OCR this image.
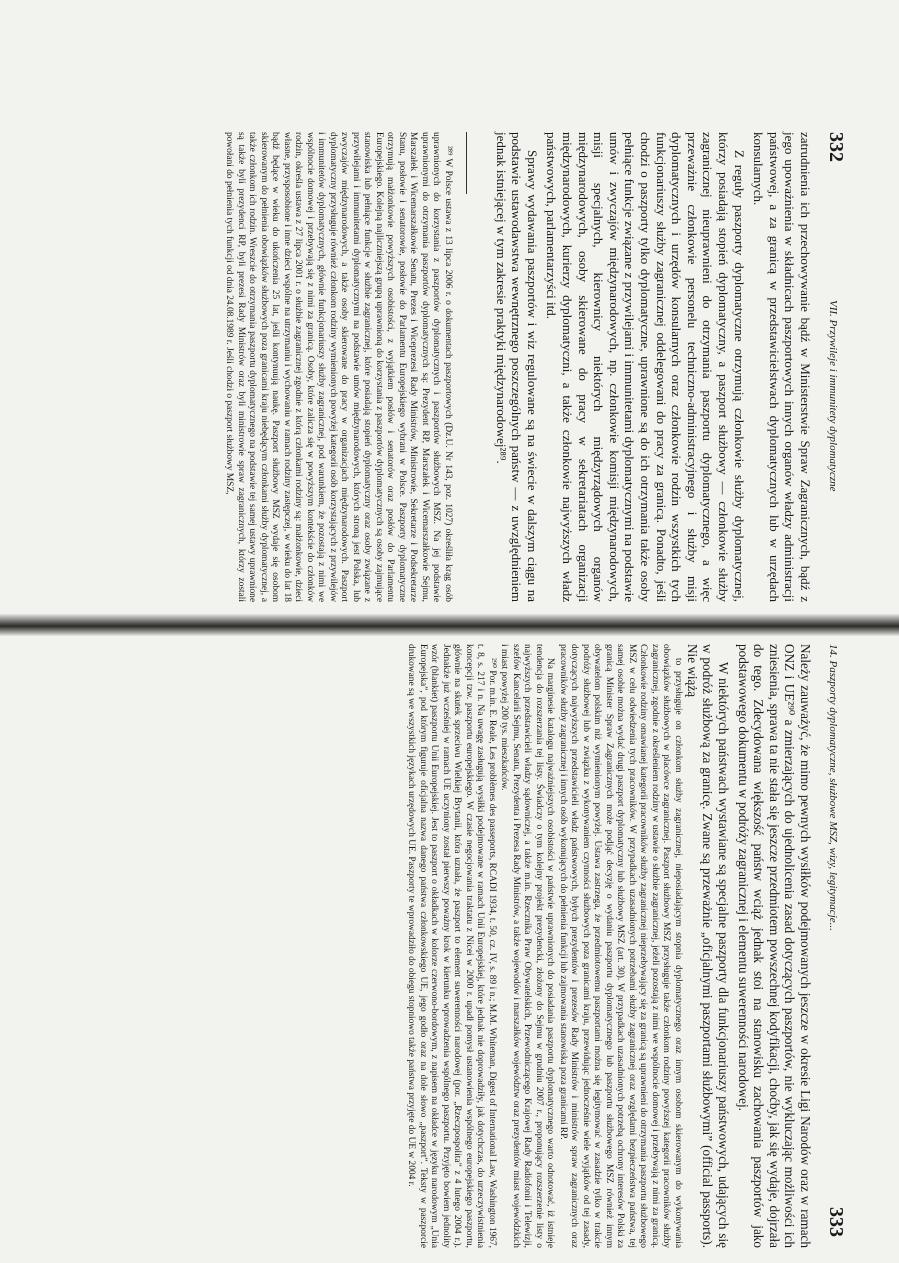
332
VII. Przywileje i immunitety dyplomatyczne

zatrudnienia ich przechowywanie bądź w Ministerstwie Spraw Zagranicznych, bądź z jego upoważnienia w składnicach paszportowych innych organów władzy administracji państwowej, a za granicą w przedstawicielstwach dyplomatycznych lub w urzędach konsularnych.

Z reguły paszporty dyplomatyczne otrzymują członkowie służby dyplomatycznej, którzy posiadają stopień dyplomatyczny, a paszport służbowy — członkowie służby zagranicznej nieuprawnieni do otrzymania paszportu dyplomatycznego, a więc przeważnie członkowie personelu techniczno-administracyjnego i służby misji dyplomatycznych i urzędów konsularnych oraz członkowie rodzin wszystkich tych funkcjonariuszy służby zagranicznej oddelegowani do pracy za granicą. Ponadto, jeśli chodzi o paszporty tylko dyplomatyczne, uprawnione są do ich otrzymania także osoby pełniące funkcje związane z przywilejami i immunitetami dyplomatycznymi na podstawie umów i zwyczajów międzynarodowych, np. członkowie komisji międzynarodowych, misji specjalnych, kierownicy niektórych międzyrządowych organów międzynarodowych, osoby skierowane do pracy w sekretariatach organizacji międzynarodowych, kurierzy dyplomatyczni, a także członkowie najwyższych władz państwowych, parlamentarzyści itd.

Sprawy wydawania paszportów i wiz regulowane są na świecie w dalszym ciągu na podstawie ustawodawstwa wewnętrznego poszczególnych państw — z uwzględnieniem jednak istniejącej w tym zakresie praktyki międzynarodowej²⁸⁹.

²⁸⁹ W Polsce ustawa z 13 lipca 2006 r. o dokumentach paszportowych (Dz.U. Nr 143, poz. 1027) określiła krąg osób uprawnionych do korzystania z paszportów dyplomatycznych i paszportów służbowych MSZ. Na jej podstawie uprawnionymi do otrzymania paszportów dyplomatycznych są: Prezydent RP, Marszałek i Wicemarszałkowie Sejmu, Marszałek i Wicemarszałkowie Senatu, Prezes i Wiceprezesi Rady Ministrów, Ministrowie, Sekretarze i Podsekretarze Stanu, posłowie i senatorowie, posłowie do Parlamentu Europejskiego wybrani w Polsce. Paszporty dyplomatyczne otrzymują małżonkowie powyższych osobistości, z wyjątkiem posłów i senatorów oraz posłów do Parlamentu Europejskiego. Kolejną najliczniejszą grupą uprawnioną do korzystania z paszportów dyplomatycznych są osoby zajmujące stanowiska lub pełniące funkcje w służbie zagranicznej, które posiadają stopień dyplomatyczny oraz osoby związane z przywilejami i immunitetami dyplomatycznymi na podstawie umów międzynarodowych, których stroną jest Polska, lub zwyczajów międzynarodowych, a także osoby skierowane do pracy w organizacjach międzynarodowych. Paszport dyplomatyczny przysługuje również członkom rodziny wymienionych powyżej kategorii osób korzystających z przywilejów i immunitetów dyplomatycznych, głównie funkcjonariuszy służby zagranicznej, pod warunkiem, że pozostają z nimi we wspólnocie domowej i przebywają się z nimi za granicą. Osoby, które zalicza się w powyższym kontekście do członków rodzin, określa ustawa z 27 lipca 2001 r. o służbie zagranicznej zgodnie z którą członkami rodziny są: małżonkowie, dzieci własne, przysposobione i inne dzieci wspólne na utrzymaniu i wychowaniu w ramach rodziny zastępczej, w wieku do lat 18 bądź będące w wieku do ukończenia 25 lat, jeśli kontynuują naukę. Paszport służbowy MSZ wydaje się osobom skierowanym do pełnienia obowiązków służbowych poza granicami kraju niebędącym członkami służby dyplomatycznej, a także członkom ich rodzin. Wreszcie do otrzymania paszportu dyplomatycznego na podstawie tej samej ustawy uprawnione są także byli prezydenci RP, byli prezesi Rady Ministrów oraz byli ministrowie spraw zagranicznych, którzy zostali powołani do pełnienia tych funkcji od dnia 24.08.1989 r. Jeśli chodzi o paszport służbowy MSZ,

14. Paszporty dyplomatyczne, służbowe MSZ, wizy, legitymacje...
333

Należy zauważyć, że mimo pewnych wysiłków podejmowanych jeszcze w okresie Ligi Narodów oraz w ramach ONZ i UE²⁹⁰ a zmierzających do ujednolicenia zasad dotyczących paszportów, nie wykluczając możliwości ich zniesienia, sprawa ta nie stała się jeszcze przedmiotem powszechnej kodyfikacji, choćby, jak się wydaje, dojrzała do tego. Zdecydowana większość państw wciąż jednak stoi na stanowisku zachowania paszportów jako podstawowego dokumentu w podróży zagranicznej i elementu suwerenności narodowej.

W niektórych państwach wystawiane są specjalne paszporty dla funkcjonariuszy państwowych, udających się w podróż służbową za granicę. Zwane są przeważnie „oficjalnymi paszportami służbowymi” (official passports). Nie wiążą

to przysługuje on członkom służby zagranicznej, nieposiadającym stopnia dyplomatycznego oraz innym osobom skierowanym do wykonywania obowiązków służbowych w placówce zagranicznej. Paszport służbowy MSZ przysługuje także członkom rodziny powyższej kategorii pracowników służby zagranicznej, zgodnie z określeniem rodziny w ustawie o służbie zagranicznej, jeżeli pozostają z nimi we wspólnocie domowej i przebywają z nimi za granicą. Członkowie rodziny omawianej kategorii pracowników służby zagranicznej nieprzebywający się za granicą są uprawnieni do otrzymania paszportu służbowego MSZ w celu odwiedzenia tych pracowników. W przypadkach uzasadnionych potrzebami służby zagranicznej oraz względami bezpieczeństwa państwa, tej samej osobie można wydać drugi paszport dyplomatyczny lub służbowy MSZ (art. 30). W przypadkach uzasadnionych potrzebą ochrony interesów Polski za granicą Minister Spraw Zagranicznych może podjąć decyzję o wydaniu paszportu dyplomatycznego lub paszportu służbowego MSZ również innym obywatelom polskim niż wymienionym powyżej. Ustawa zastrzega, że przedmiotowemu paszportami można się legitymować w zasadzie tylko w trakcie podróży służbowej lub w związku z wykonywaniem czynności służbowych poza granicami kraju, przewidując jednocześnie wiele wyjątków od tej zasady, dotyczących najwyższych przedstawicieli władz państwowych, byłych prezydentów i prezesów Rady Ministrów i ministrów spraw zagranicznych oraz pracowników służby zagranicznej i innych osób wykonujących do pełnienia funkcji lub zajmowania stanowiska poza granicami RP.

Na marginesie katalogu najważniejszych osobistości w państwie uprawnionych do posiadania paszportu dyplomatycznego warto odnotować, iż istnieje tendencja do rozszerzania tej listy. Świadczy o tym kolejny projekt prezydencki, złożony do Sejmu w grudniu 2007 r., proponujący rozszerzenie listy o najwyższych przedstawicieli władzy sądowniczej, a także m.in. Rzecznika Praw Obywatelskich, Przewodniczącego Krajowej Rady Radiofonii i Telewizji, szefów Kancelarii Sejmu, Senatu, Prezydenta i Prezesa Rady Ministrów, a także wojewodów i marszałków województw oraz prezydentów miast wojewódzkich i miast powyżej 200 tys. mieszkańców.

²⁹⁰ Por. m.in. E. Reale, Les problèmes des passeports, RCADI 1934, t. 50, cz. IV, s. 89 i n.; M.M. Whiteman, Digest of International Law, Washington 1967, t. 8, s. 217 i n. Na uwagę zasługują wysiłki podejmowane w ramach Unii Europejskiej, które jednak nie doprowadziły, jak dotychczas, do urzeczywistnienia koncepcji tzw. paszportu europejskiego. W czasie negocjowania traktatu z Nicei w 2000 r. upadł pomysł ustanowienia wspólnego europejskiego paszportu, głównie na skutek sprzeciwu Wielkiej Brytanii, która uznała, że paszport to element suwerenności narodowej (por. „Rzeczpospolita” z 4 lutego 2004 r.). Jednakże już wcześniej w ramach UE uczyniony został pierwszy poważny krok w kierunku wprowadzenia wspólnego paszportu. Przyjęto bowiem jednolity wzór (blankiet) paszportu Unii Europejskiej. Jest to paszport o okładkach w kolorze czerwono-bordowym, z napisem na okładce w języku narodowym „Unia Europejska”, pod którym figuruje oficjalna nazwa danego państwa członkowskiego UE, jego godło oraz na dole słowo „paszport”. Teksty w paszporcie drukowane są we wszystkich językach urzędowych UE. Paszporty te wprowadziło do obiegu stopniowo także państwa przyjęte do UE w 2004 r.
